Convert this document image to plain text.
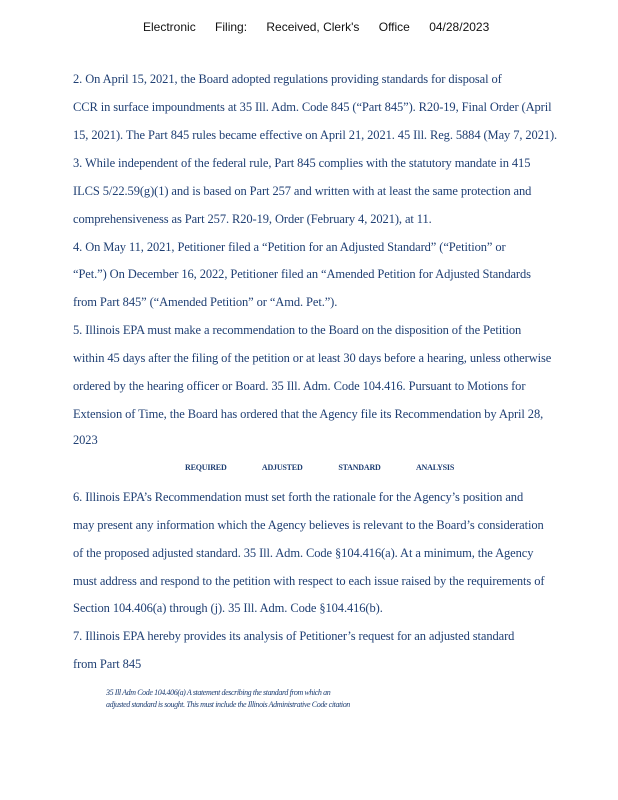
Electronic Filing: Received, Clerk's Office 04/28/2023
2. On April 15, 2021, the Board adopted regulations providing standards for disposal of
CCR in surface impoundments at 35 Ill. Adm. Code 845 (“Part 845”). R20-19, Final Order (April
15, 2021). The Part 845 rules became effective on April 21, 2021. 45 Ill. Reg. 5884 (May 7, 2021).
3. While independent of the federal rule, Part 845 complies with the statutory mandate in 415
ILCS 5/22.59(g)(1) and is based on Part 257 and written with at least the same protection and
comprehensiveness as Part 257. R20-19, Order (February 4, 2021), at 11.
4. On May 11, 2021, Petitioner filed a “Petition for an Adjusted Standard” (“Petition” or
“Pet.”) On December 16, 2022, Petitioner filed an “Amended Petition for Adjusted Standards
from Part 845” (“Amended Petition” or “Amd. Pet.”).
5. Illinois EPA must make a recommendation to the Board on the disposition of the Petition
within 45 days after the filing of the petition or at least 30 days before a hearing, unless otherwise
ordered by the hearing officer or Board. 35 Ill. Adm. Code 104.416. Pursuant to Motions for
Extension of Time, the Board has ordered that the Agency file its Recommendation by April 28,
2023
REQUIRED	ADJUSTED	STANDARD	ANALYSIS
6. Illinois EPA’s Recommendation must set forth the rationale for the Agency’s position and
may present any information which the Agency believes is relevant to the Board’s consideration
of the proposed adjusted standard. 35 Ill. Adm. Code §104.416(a). At a minimum, the Agency
must address and respond to the petition with respect to each issue raised by the requirements of
Section 104.406(a) through (j). 35 Ill. Adm. Code §104.416(b).
7. Illinois EPA hereby provides its analysis of Petitioner’s request for an adjusted standard
from Part 845
35 Ill Adm Code 104.406(a) A statement describing the standard from which an
adjusted standard is sought. This must include the Illinois Administrative Code citation
